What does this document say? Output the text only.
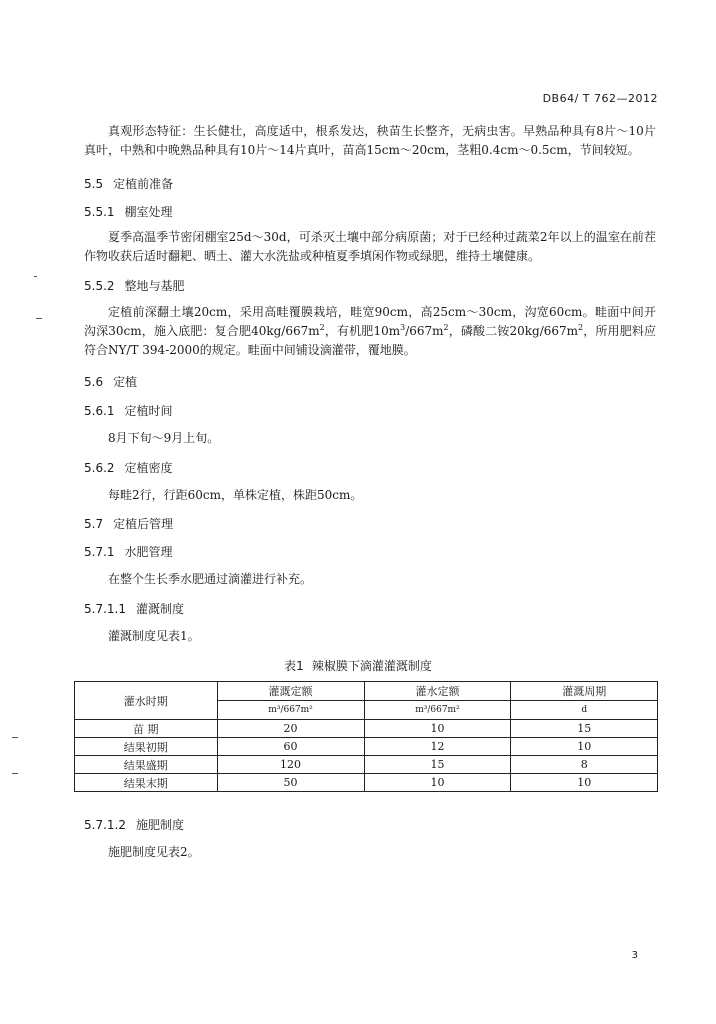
DB64/ T 762—2012
真观形态特征：生长健壮，高度适中，根系发达，秧苗生长整齐，无病虫害。早熟品种具有8片～10片真叶，中熟和中晚熟品种具有10片～14片真叶，苗高15cm～20cm，茎粗0.4cm～0.5cm，节间较短。
5.5 定植前准备
5.5.1 棚室处理
夏季高温季节密闭棚室25d～30d，可杀灭土壤中部分病原菌；对于已经种过蔬菜2年以上的温室在前茬作物收获后适时翻耙、晒土、灌大水洗盐或种植夏季填闲作物或绿肥，维持土壤健康。
5.5.2 整地与基肥
定植前深翻土壤20cm，采用高畦覆膜栽培，畦宽90cm，高25cm～30cm，沟宽60cm。畦面中间开沟深30cm，施入底肥：复合肥$40kg/667m^2$，有机肥$10m^3/667m^2$，磷酸二铵$20kg/667m^2$，所用肥料应符合NY/T 394-2000的规定。畦面中间铺设滴灌带，覆地膜。
5.6 定植
5.6.1 定植时间
8月下旬～9月上旬。
5.6.2 定植密度
每畦2行，行距60cm，单株定植，株距50cm。
5.7 定植后管理
5.7.1 水肥管理
在整个生长季水肥通过滴灌进行补充。
5.7.1.1 灌溉制度
灌溉制度见表1。
表1 辣椒膜下滴灌灌溉制度
灌水时期	灌溉定额	灌水定额	灌溉周期
	m³/667m²	m³/667m²	d
苗 期	20	10	15
结果初期	60	12	10
结果盛期	120	15	8
结果末期	50	10	10
5.7.1.2 施肥制度
施肥制度见表2。
3
